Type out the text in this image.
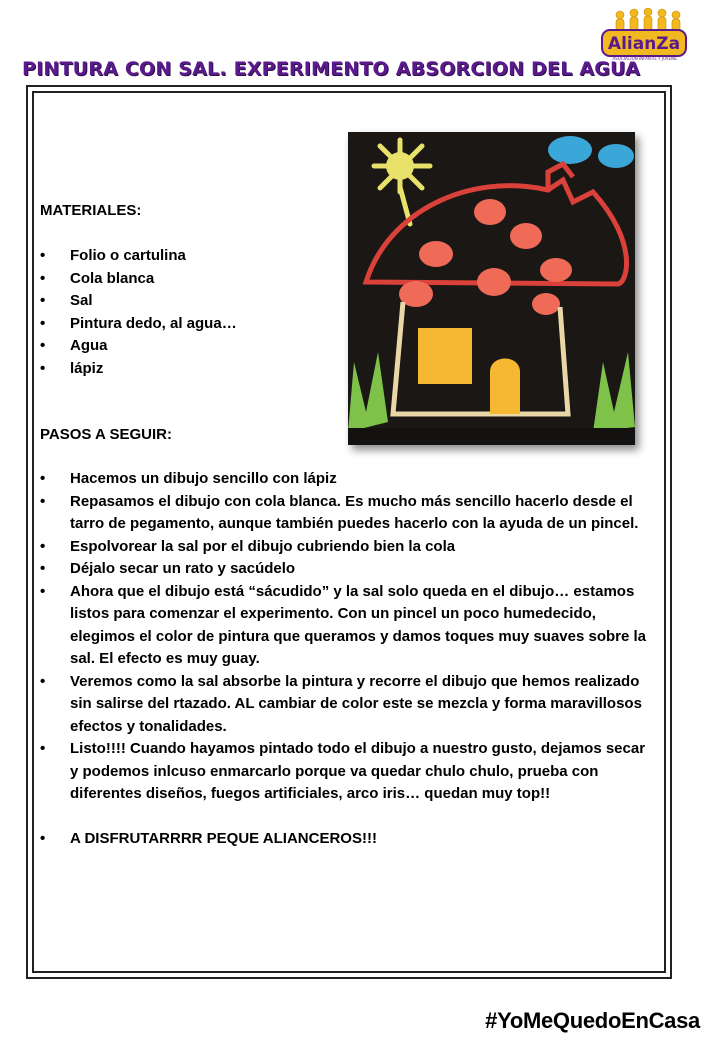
PINTURA CON SAL. EXPERIMENTO ABSORCION DEL AGUA
AlianZa
ASOCIACIÓN INFANTIL Y JUVENIL
MATERIALES:
• Folio o cartulina
• Cola blanca
• Sal
• Pintura dedo, al agua…
• Agua
• lápiz
PASOS A SEGUIR:
• Hacemos un dibujo sencillo con lápiz
• Repasamos el dibujo con cola blanca. Es mucho más sencillo hacerlo desde el tarro de pegamento, aunque también puedes hacerlo con la ayuda de un pincel.
• Espolvorear la sal por el dibujo cubriendo bien la cola
• Déjalo secar un rato y sacúdelo
• Ahora que el dibujo está “sácudido” y la sal solo queda en el dibujo… estamos listos para comenzar el experimento. Con un pincel un poco humedecido, elegimos el color de pintura que queramos y damos toques muy suaves sobre la sal. El efecto es muy guay.
• Veremos como la sal absorbe la pintura y recorre el dibujo que hemos realizado sin salirse del rtazado. AL cambiar de color este se mezcla y forma maravillosos efectos y tonalidades.
• Listo!!!! Cuando hayamos pintado todo el dibujo a nuestro gusto, dejamos secar y podemos inlcuso enmarcarlo porque va quedar chulo chulo, prueba con diferentes diseños, fuegos artificiales, arco iris… quedan muy top!!
• A DISFRUTARRRR PEQUE ALIANCEROS!!!
#YoMeQuedoEnCasa
